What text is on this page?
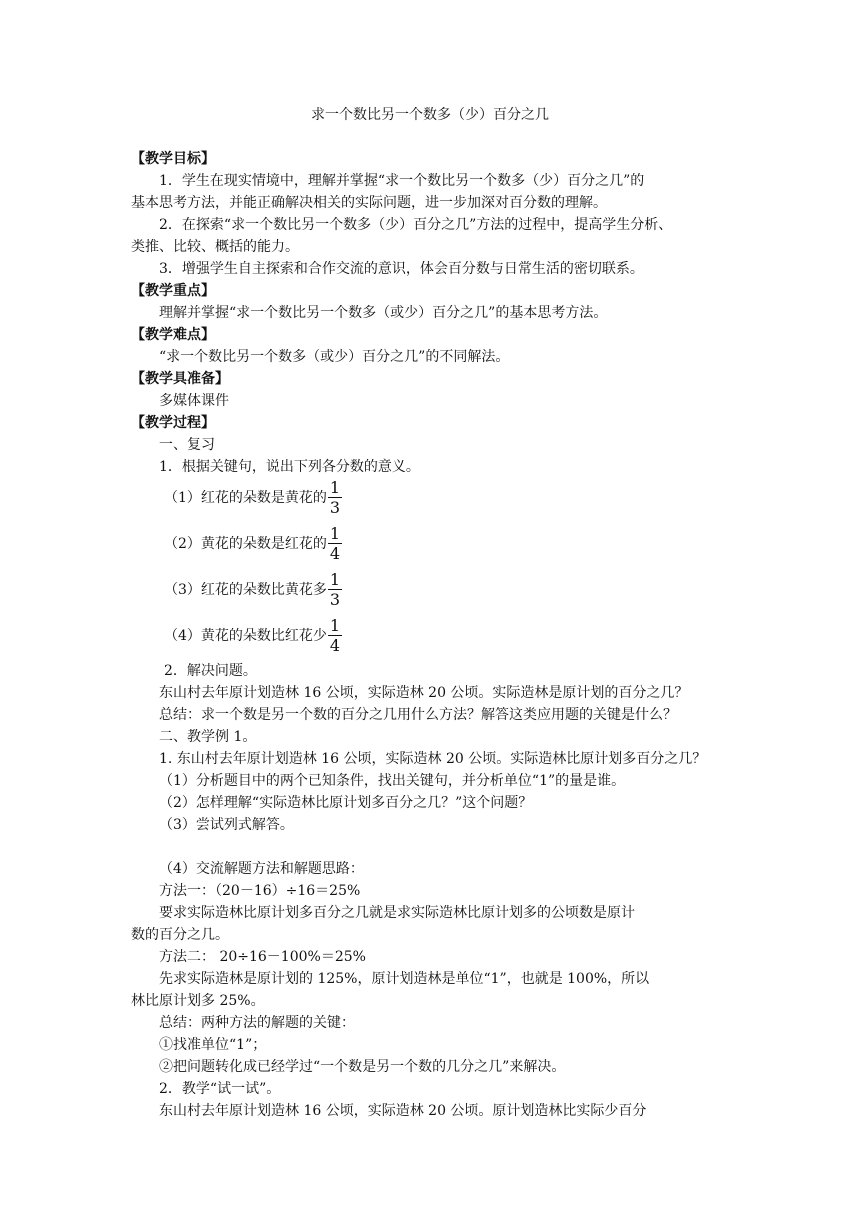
求一个数比另一个数多（少）百分之几
【教学目标】
1．学生在现实情境中，理解并掌握“求一个数比另一个数多（少）百分之几”的
基本思考方法，并能正确解决相关的实际问题，进一步加深对百分数的理解。
2．在探索“求一个数比另一个数多（少）百分之几”方法的过程中，提高学生分析、
类推、比较、概括的能力。
3．增强学生自主探索和合作交流的意识，体会百分数与日常生活的密切联系。
【教学重点】
理解并掌握“求一个数比另一个数多（或少）百分之几”的基本思考方法。
【教学难点】
“求一个数比另一个数多（或少）百分之几”的不同解法。
【教学具准备】
多媒体课件
【教学过程】
一、复习
1．根据关键句，说出下列各分数的意义。
（1）红花的朵数是黄花的 $\frac{1}{3}$
（2）黄花的朵数是红花的 $\frac{1}{4}$
（3）红花的朵数比黄花多 $\frac{1}{3}$
（4）黄花的朵数比红花少 $\frac{1}{4}$
2．解决问题。
东山村去年原计划造林 16 公顷，实际造林 20 公顷。实际造林是原计划的百分之几？
总结：求一个数是另一个数的百分之几用什么方法？解答这类应用题的关键是什么？
二、教学例 1。
1. 东山村去年原计划造林 16 公顷，实际造林 20 公顷。实际造林比原计划多百分之几？
（1）分析题目中的两个已知条件，找出关键句，并分析单位“1”的量是谁。
（2）怎样理解“实际造林比原计划多百分之几？”这个问题？
（3）尝试列式解答。
（4）交流解题方法和解题思路：
方法一：（20－16）÷16＝25%
要求实际造林比原计划多百分之几就是求实际造林比原计划多的公顷数是原计
数的百分之几。
方法二： 20÷16－100%＝25%
先求实际造林是原计划的 125%，原计划造林是单位“1”，也就是 100%，所以
林比原计划多 25%。
总结：两种方法的解题的关键：
①找准单位“1”；
②把问题转化成已经学过“一个数是另一个数的几分之几”来解决。
2．教学“试一试”。
东山村去年原计划造林 16 公顷，实际造林 20 公顷。原计划造林比实际少百分
